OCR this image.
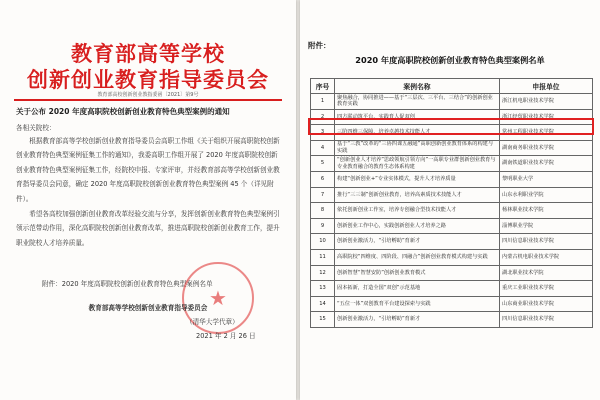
教育部高等学校
创新创业教育指导委员会
教育部高校创新创业教指委函〔2021〕第9号
关于公布 2020 年度高职院校创新创业教育特色典型案例的通知
各相关院校：

根据教育部高等学校创新创业教育指导委员会高职工作组《关于组织开展高职院校创新创业教育特色典型案例征集工作的通知》，我委高职工作组开展了 2020 年度高职院校创新创业教育特色典型案例征集工作，经院校申报、专家评审，并经教育部高等学校创新创业教育指导委员会同意，确定 2020 年度高职院校创新创业教育特色典型案例 45 个（详见附件）。

希望各高校加强创新创业教育改革经验交流与分享，发挥创新创业教育特色典型案例引领示范带动作用，深化高职院校创新创业教育改革，推进高职院校创新创业教育工作，提升职业院校人才培养质量。

附件：2020 年度高职院校创新创业教育特色典型案例名单
★
教育部高等学校创新创业教育指导委员会
（清华大学代章）
2021 年 2 月 26 日
附件：
2020 年度高职院校创新创业教育特色典型案例名单
序号	案例名称	申报单位
1	聚焦融合，协同推进——基于“三层次、三平台、三结合”的创新创业教育实践	浙江机电职业技术学院
2	四方联动筑平台，实践育人促双创	浙江经贸职业技术学院
3	三阶四维三保障，培养卓越技术技能人才	常州工程职业技术学院
4	基于“三教”改革的“三协四课五融通”高职创新创业教育体系的构建与实践	湖南商务职业技术学院
5	“创新创业人才培养”思政领航引领方向”一高职专业群创新创业教育与专业教育融合的教育生态体系构建	湖南铁道职业技术学院
6	构建“创新创业+”专业实体模式，提升人才培养质量	黎明职业大学
7	推行“三三制”创新创业教育，培养高素质技术技能人才	山东水利职业学院
8	依托创新创业工作室，培养专创融合型技术技能人才	杨林职业技术学院
9	创新创业工作中心，实践创新创业人才培养之路	淄博职业学院
10	创新创业激活力，“引培孵助”育新才	四川信息职业技术学院
11	高职院校“四维度、四阶段、四融合”创新创业教育模式构建与实践	内蒙古机电职业技术学院
12	创新智慧“智慧安防”创新创业教育模式	湖北职业技术学院
13	固本拓新，打造全国“双创”示范基地	重庆工业职业技术学院
14	“五位一体”双创教育平台建设探索与实践	山东商业职业技术学院
15	创新创业激活力，“引培孵助”育新才	四川信息职业技术学院
